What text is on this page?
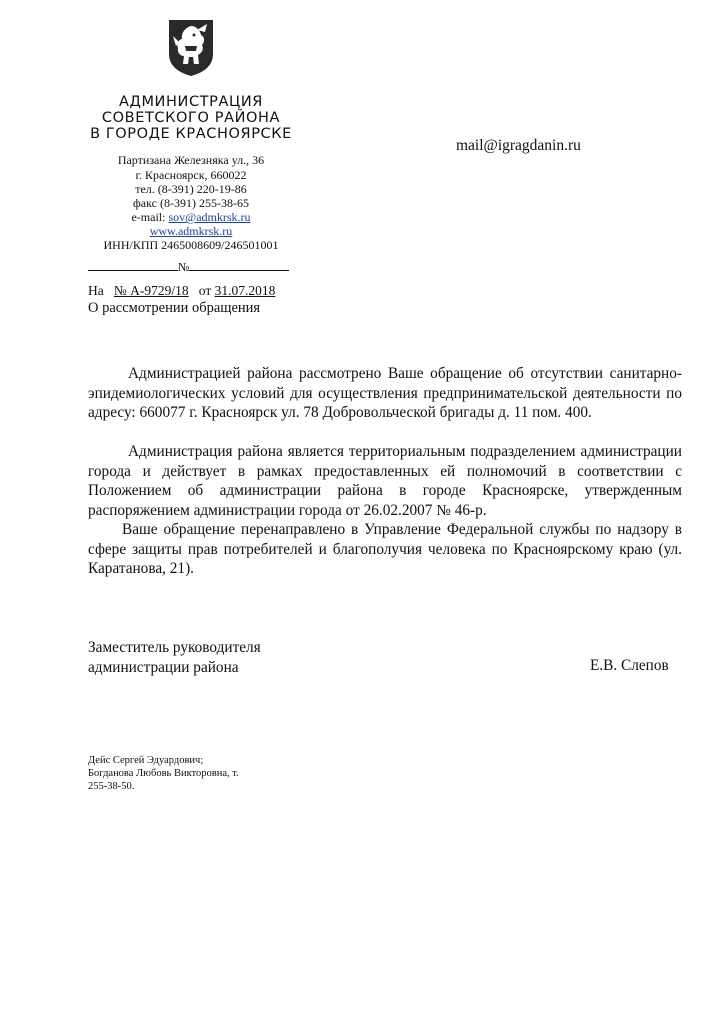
АДМИНИСТРАЦИЯ
СОВЕТСКОГО РАЙОНА
В ГОРОДЕ КРАСНОЯРСКЕ
Партизана Железняка ул., 36
г. Красноярск, 660022
тел. (8-391) 220-19-86
факс (8-391) 255-38-65
e-mail: sov@admkrsk.ru
www.admkrsk.ru
ИНН/КПП 2465008609/246501001
mail@igragdanin.ru
№
На № А-9729/18 от 31.07.2018
О рассмотрении обращения
Администрацией района рассмотрено Ваше обращение об отсутствии санитарно-эпидемиологических условий для осуществления предпринимательской деятельности по адресу: 660077 г. Красноярск ул. 78 Добровольческой бригады д. 11 пом. 400.
Администрация района является территориальным подразделением администрации города и действует в рамках предоставленных ей полномочий в соответствии с Положением об администрации района в городе Красноярске, утвержденным распоряжением администрации города от 26.02.2007 № 46-р.
Ваше обращение перенаправлено в Управление Федеральной службы по надзору в сфере защиты прав потребителей и благополучия человека по Красноярскому краю (ул. Каратанова, 21).
Заместитель руководителя
администрации района	Е.В. Слепов
Дейс Сергей Эдуардович;
Богданова Любовь Викторовна, т.
255-38-50.
